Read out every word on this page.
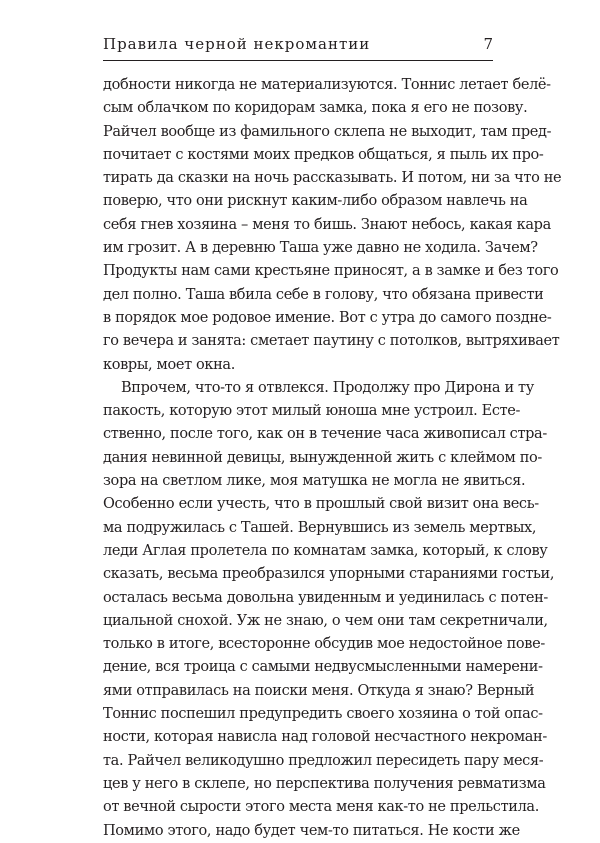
Правила черной некромантии	7
добности никогда не материализуются. Тоннис летает белё-
сым облачком по коридорам замка, пока я его не позову.
Райчел вообще из фамильного склепа не выходит, там пред-
почитает с костями моих предков общаться, я пыль их про-
тирать да сказки на ночь рассказывать. И потом, ни за что не
поверю, что они рискнут каким-либо образом навлечь на
себя гнев хозяина – меня то бишь. Знают небось, какая кара
им грозит. А в деревню Таша уже давно не ходила. Зачем?
Продукты нам сами крестьяне приносят, а в замке и без того
дел полно. Таша вбила себе в голову, что обязана привести
в порядок мое родовое имение. Вот с утра до самого поздне-
го вечера и занята: сметает паутину с потолков, вытряхивает
ковры, моет окна.
Впрочем, что-то я отвлекся. Продолжу про Дирона и ту
пакость, которую этот милый юноша мне устроил. Есте-
ственно, после того, как он в течение часа живописал стра-
дания невинной девицы, вынужденной жить с клеймом по-
зора на светлом лике, моя матушка не могла не явиться.
Особенно если учесть, что в прошлый свой визит она весь-
ма подружилась с Ташей. Вернувшись из земель мертвых,
леди Аглая пролетела по комнатам замка, который, к слову
сказать, весьма преобразился упорными стараниями гостьи,
осталась весьма довольна увиденным и уединилась с потен-
циальной снохой. Уж не знаю, о чем они там секретничали,
только в итоге, всесторонне обсудив мое недостойное пове-
дение, вся троица с самыми недвусмысленными намерени-
ями отправилась на поиски меня. Откуда я знаю? Верный
Тоннис поспешил предупредить своего хозяина о той опас-
ности, которая нависла над головой несчастного некроман-
та. Райчел великодушно предложил пересидеть пару меся-
цев у него в склепе, но перспектива получения ревматизма
от вечной сырости этого места меня как-то не прельстила.
Помимо этого, надо будет чем-то питаться. Не кости же
